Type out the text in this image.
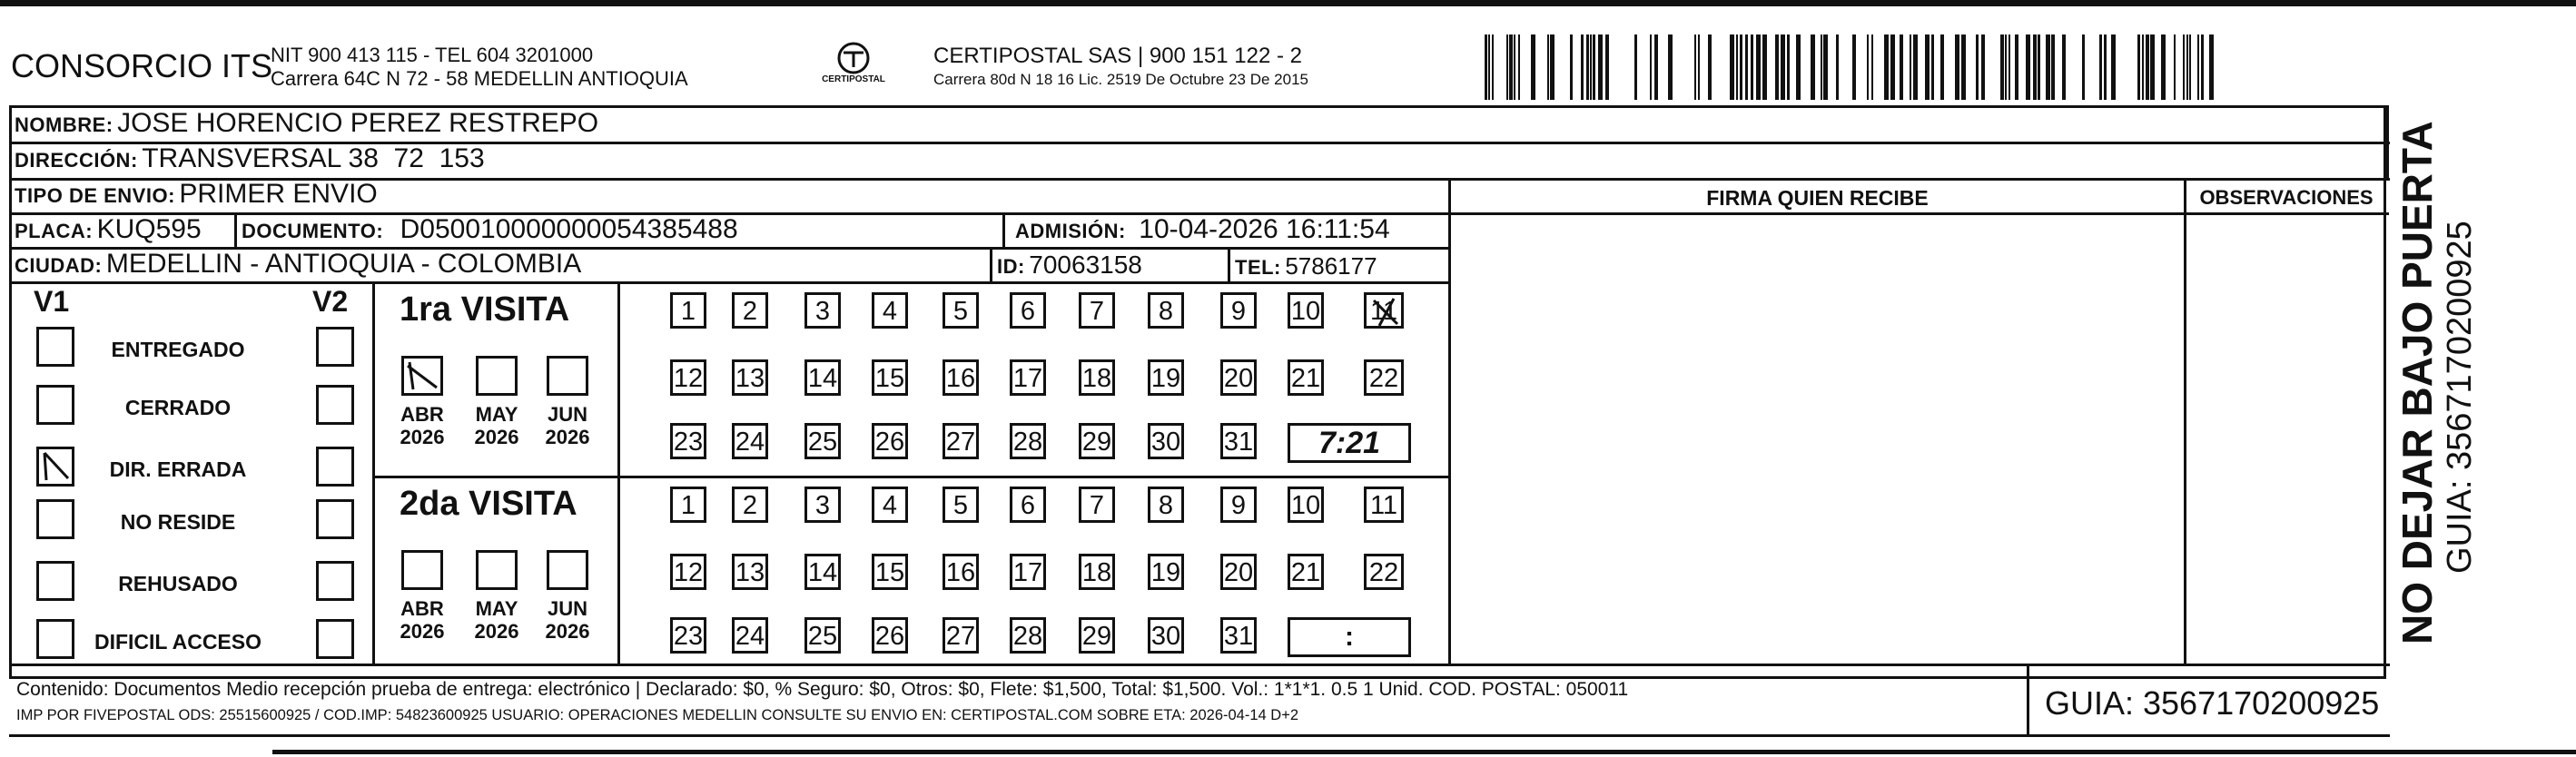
CONSORCIO ITS
NIT 900 413 115 - TEL 604 3201000
Carrera 64C N 72 - 58 MEDELLIN ANTIOQUIA	CERTIPOSTAL
CERTIPOSTAL SAS | 900 151 122 - 2
Carrera 80d N 18 16 Lic. 2519 De Octubre 23 De 2015
NOMBRE: JOSE HORENCIO PEREZ RESTREPO
DIRECCIÓN: TRANSVERSAL 38  72  153
TIPO DE ENVIO: PRIMER ENVIO
PLACA: KUQ595 DOCUMENTO: D050010000000054385488	ADMISIÓN: 10-04-2026 16:11:54
CIUDAD: MEDELLIN - ANTIOQUIA - COLOMBIA	ID: 70063158	TEL: 5786177
FIRMA QUIEN RECIBE	OBSERVACIONES NO DEJAR BAJO PUERTA GUIA: 3567170200925
V1	V2
ENTREGADO
CERRADO
DIR. ERRADA
NO RESIDE
REHUSADO
DIFICIL ACCESO
1ra VISITA
ABR
2026
MAY
2026
JUN
2026
1	2	3	4	5	6	7	8	9	10 11
12 13 14 15 16 17 18 19 20 21 22
23 24 25 26 27 28 29 30 31	7:21
2da VISITA
ABR
2026
MAY
2026
JUN
2026
1	2	3	4	5	6	7	8	9	10 11
12 13 14 15 16 17 18 19 20 21 22
23 24 25 26 27 28 29 30 31	:
Contenido: Documentos Medio recepción prueba de entrega: electrónico | Declarado: $0, % Seguro: $0, Otros: $0, Flete: $1,500, Total: $1,500. Vol.: 1*1*1. 0.5 1 Unid. COD. POSTAL: 050011
IMP POR FIVEPOSTAL ODS: 25515600925 / COD.IMP: 54823600925 USUARIO: OPERACIONES MEDELLIN CONSULTE SU ENVIO EN: CERTIPOSTAL.COM SOBRE ETA: 2026-04-14 D+2	GUIA: 3567170200925
